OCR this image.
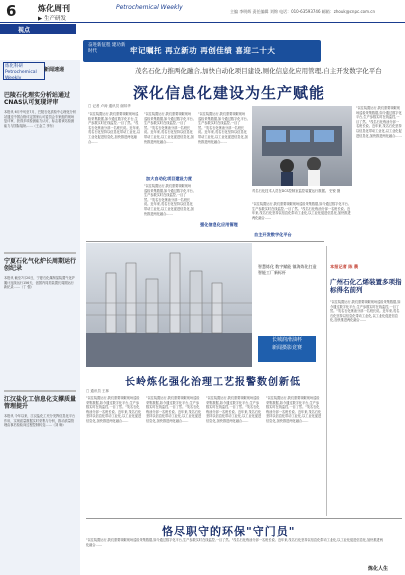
6	炼化周刊	Petrochemical Weekly
▶ 生产研发
主编 李明辉 责任编辑 刘锦 电话：010-63593746 邮箱：zhouk@cnpc.com.cn
视点
奋进新征程 建功新时代	牢记嘱托 再立新功 再创佳绩 喜迎二十大
炼化科研 Petrochemical Weekly
新闻速递
巴陵石化理实分析站通过CNAS认可复现评审
本报讯 6月中旬至7月，巴陵石化质检中心理化分析站通过中国合格评定国家认可委员会专家组的现场复评审，获得多项检测能力认可，标志着该站检测能力与国际接轨……（王金兰 李东）
宁夏石化气化炉长周期运行创纪录
本报讯 截至7月20日，宁夏石化煤制氢装置气化炉累计连续运行156天，创国内同类装置长周期运行新纪录……（丁 强）
江汉盐化工信息化支撑质量管理提升
本报讯 今年以来，江汉盐化工充分发挥信息化平台作用，实现质量数据实时采集与分析，推动质量管理由事后检验向过程控制转变……（刘 畅）
茂名石化力推两化融合,加快自动化项目建设,厕化信息化应用管理,自主开发数字化平台
深化信息化建设为生产赋能
□ 记者 卢涛 通讯员 谢邦华
"以往装置运行,我们需要频繁现场巡检采集数据,如今通过数字化平台,生产参数实时在线监控,一目了然。"茂名石化炼油分部一名班长说。近年来,茂名石化坚持以信息化带动工业化,以工业化促进信息化,加快推进两化融合……
加大自动化项目建设力度
"以往装置运行,我们需要频繁现场巡检采集数据,如今通过数字化平台,生产参数实时在线监控,一目了然。"茂名石化炼油分部一名班长说。近年来,茂名石化坚持以信息化带动工业化,以工业化促进信息化,加快推进两化融合……
"以往装置运行,我们需要频繁现场巡检采集数据,如今通过数字化平台,生产参数实时在线监控,一目了然。"茂名石化炼油分部一名班长说。近年来,茂名石化坚持以信息化带动工业化,以工业化促进信息化,加快推进两化融合……
"以往装置运行,我们需要频繁现场巡检采集数据,如今通过数字化平台,生产参数实时在线监控,一目了然。"茂名石化炼油分部一名班长说。近年来,茂名石化坚持以信息化带动工业化,以工业化促进信息化,加快推进两化融合……
强化信息化应用管理
茂名石化技术人员在DCS控制室监控装置运行数据。 史锐 摄
"以往装置运行,我们需要频繁现场巡检采集数据,如今通过数字化平台,生产参数实时在线监控,一目了然。"茂名石化炼油分部一名班长说。近年来,茂名石化坚持以信息化带动工业化,以工业化促进信息化,加快推进两化融合……
"以往装置运行,我们需要频繁现场巡检采集数据,如今通过数字化平台,生产参数实时在线监控,一目了然。"茂名石化炼油分部一名班长说。近年来,茂名石化坚持以信息化带动工业化,以工业化促进信息化,加快推进两化融合……
自主开发数字化平台
智慧炼化 数字赋能 镇海炼化打造智能工厂新标杆
长城润滑油杯
新闻摄影竞赛
本报记者 陈 晨
广州石化乙烯装置多项指标得名前列
"以往装置运行,我们需要频繁现场巡检采集数据,如今通过数字化平台,生产参数实时在线监控,一目了然。"茂名石化炼油分部一名班长说。近年来,茂名石化坚持以信息化带动工业化,以工业化促进信息化,加快推进两化融合……
长岭炼化强化治理工艺报警数创新低
□ 通讯员 王林
"以往装置运行,我们需要频繁现场巡检采集数据,如今通过数字化平台,生产参数实时在线监控,一目了然。"茂名石化炼油分部一名班长说。近年来,茂名石化坚持以信息化带动工业化,以工业化促进信息化,加快推进两化融合……
"以往装置运行,我们需要频繁现场巡检采集数据,如今通过数字化平台,生产参数实时在线监控,一目了然。"茂名石化炼油分部一名班长说。近年来,茂名石化坚持以信息化带动工业化,以工业化促进信息化,加快推进两化融合……
"以往装置运行,我们需要频繁现场巡检采集数据,如今通过数字化平台,生产参数实时在线监控,一目了然。"茂名石化炼油分部一名班长说。近年来,茂名石化坚持以信息化带动工业化,以工业化促进信息化,加快推进两化融合……
"以往装置运行,我们需要频繁现场巡检采集数据,如今通过数字化平台,生产参数实时在线监控,一目了然。"茂名石化炼油分部一名班长说。近年来,茂名石化坚持以信息化带动工业化,以工业化促进信息化,加快推进两化融合……
恪尽职守的环保"守门员"
"以往装置运行,我们需要频繁现场巡检采集数据,如今通过数字化平台,生产参数实时在线监控,一目了然。"茂名石化炼油分部一名班长说。近年来,茂名石化坚持以信息化带动工业化,以工业化促进信息化,加快推进两化融合……
炼化人生
